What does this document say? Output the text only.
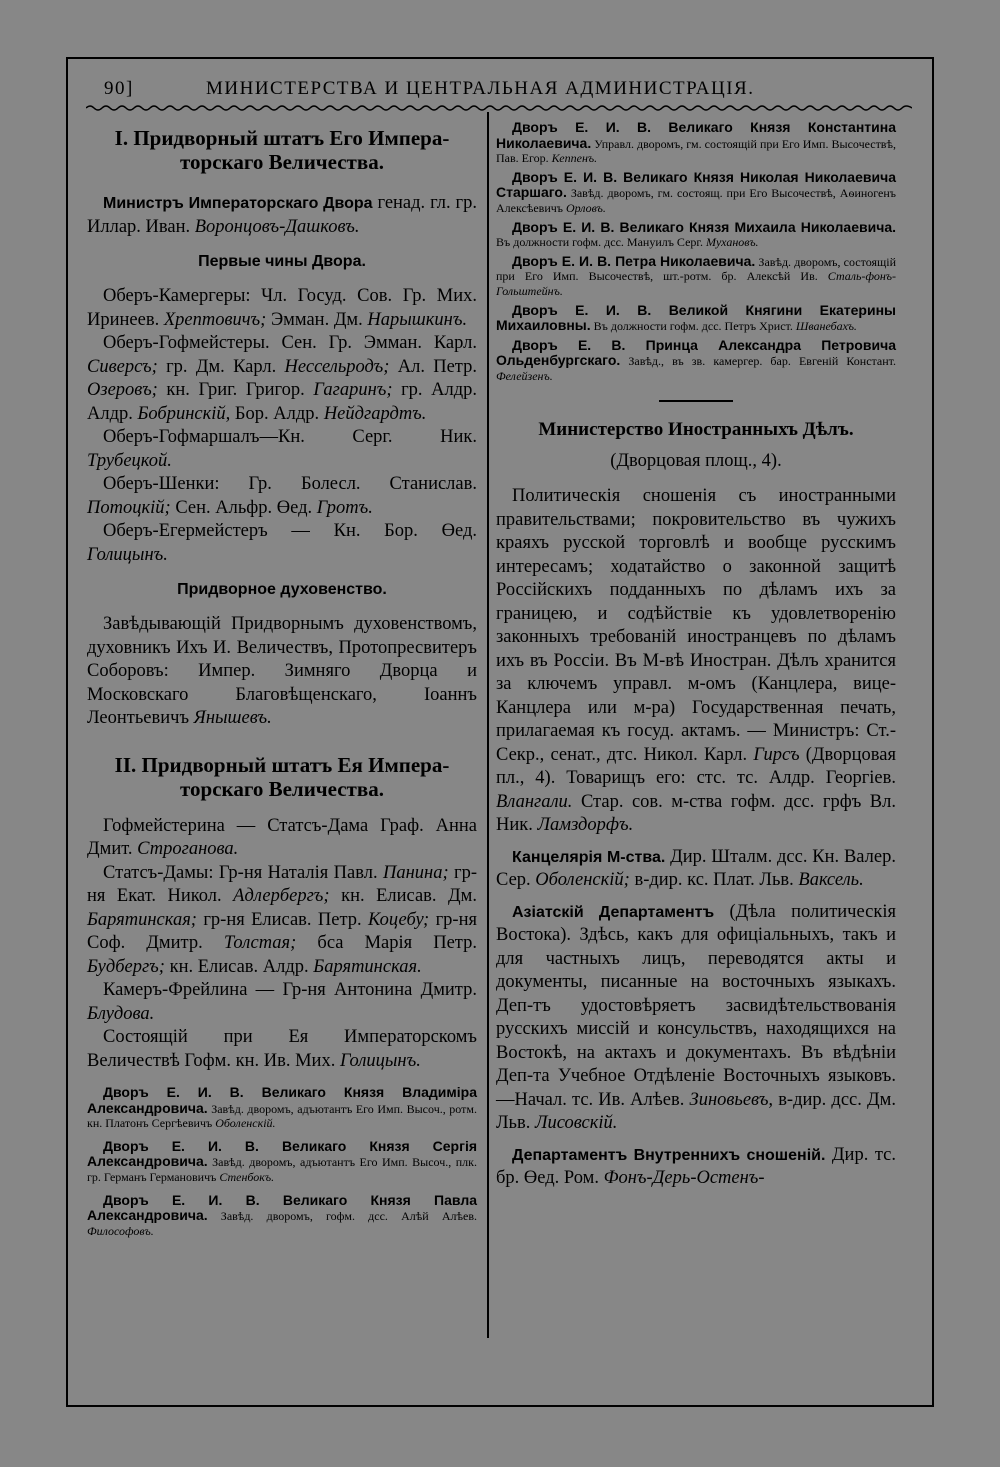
90]	МИНИСТЕРСТВА И ЦЕНТРАЛЬНАЯ АДМИНИСТРАЦІЯ.
I. Придворный штатъ Его Импера-
торскаго Величества.

Министръ Императорскаго Двора генад. гл. гр. Иллар. Иван. Воронцовъ-Дашковъ.

Первые чины Двора.

Оберъ-Камергеры: Чл. Госуд. Сов. Гр. Мих. Иринеев. Хрептовичъ; Эмман. Дм. Нарышкинъ.

Оберъ-Гофмейстеры. Сен. Гр. Эмман. Карл. Сиверсъ; гр. Дм. Карл. Нессельродъ; Ал. Петр. Озеровъ; кн. Григ. Григор. Гагаринъ; гр. Алдр. Алдр. Бобринскій, Бор. Алдр. Нейдгардтъ.

Оберъ-Гофмаршалъ—Кн. Серг. Ник. Трубецкой.

Оберъ-Шенки: Гр. Болесл. Станислав. Потоцкій; Сен. Альфр. Өед. Гротъ.

Оберъ-Егермейстеръ — Кн. Бор. Өед. Голицынъ.

Придворное духовенство.

Завѣдывающій Придворнымъ духовенствомъ, духовникъ Ихъ И. Величествъ, Протопресвитеръ Соборовъ: Импер. Зимняго Дворца и Московскаго Благовѣщенскаго, Іоаннъ Леонтьевичъ Янышевъ.

II. Придворный штатъ Ея Импера-
торскаго Величества.

Гофмейстерина — Статсъ-Дама Граф. Анна Дмит. Строганова.

Статсъ-Дамы: Гр-ня Наталія Павл. Панина; гр-ня Екат. Никол. Адлербергъ; кн. Елисав. Дм. Барятинская; гр-ня Елисав. Петр. Коцебу; гр-ня Соф. Дмитр. Толстая; бса Марія Петр. Будбергъ; кн. Елисав. Алдр. Барятинская.

Камеръ-Фрейлина — Гр-ня Антонина Дмитр. Блудова.

Состоящій при Ея Императорскомъ Величествѣ Гофм. кн. Ив. Мих. Голицынъ.

Дворъ Е. И. В. Великаго Князя Владиміра Александровича. Завѣд. дворомъ, адъютантъ Его Имп. Высоч., ротм. кн. Платонъ Сергѣевичъ Оболенскій.

Дворъ Е. И. В. Великаго Князя Сергія Александровича. Завѣд. дворомъ, адъютантъ Его Имп. Высоч., плк. гр. Германъ Германовичъ Стенбокъ.

Дворъ Е. И. В. Великаго Князя Павла Александровича. Завѣд. дворомъ, гофм. дсс. Алѣй Алѣев. Философовъ.

Дворъ Е. И. В. Великаго Князя Константина Николаевича. Управл. дворомъ, гм. состоящій при Его Имп. Высочествѣ, Пав. Егор. Кеппенъ.

Дворъ Е. И. В. Великаго Князя Николая Николаевича Старшаго. Завѣд. дворомъ, гм. состоящ. при Его Высочествѣ, Аѳиногенъ Алексѣевичъ Орловъ.

Дворъ Е. И. В. Великаго Князя Михаила Николаевича. Въ должности гофм. дсс. Мануилъ Серг. Мухановъ.

Дворъ Е. И. В. Петра Николаевича. Завѣд. дворомъ, состоящій при Его Имп. Высочествѣ, шт.-ротм. бр. Алексѣй Ив. Сталь-фонъ-Гольштейнъ.

Дворъ Е. И. В. Великой Княгини Екатерины Михаиловны. Въ должности гофм. дсс. Петръ Христ. Шванебахъ.

Дворъ Е. В. Принца Александра Петровича Ольденбургскаго. Завѣд., въ зв. камергер. бар. Евгеній Констант. Фелейзенъ.

Министерство Иностранныхъ Дѣлъ.

(Дворцовая площ., 4).

Политическія сношенія съ иностранными правительствами; покровительство въ чужихъ краяхъ русской торговлѣ и вообще русскимъ интересамъ; ходатайство о законной защитѣ Россійскихъ подданныхъ по дѣламъ ихъ за границею, и содѣйствіе къ удовлетворенію законныхъ требованій иностранцевъ по дѣламъ ихъ въ Россіи. Въ М-вѣ Иностран. Дѣлъ хранится за ключемъ управл. м-омъ (Канцлера, вице-Канцлера или м-ра) Государственная печать, прилагаемая къ госуд. актамъ. — Министръ: Ст.-Секр., сенат., дтс. Никол. Карл. Гирсъ (Дворцовая пл., 4). Товарищъ его: стс. тс. Алдр. Георгіев. Влангали. Стар. сов. м-ства гофм. дсс. грфъ Вл. Ник. Ламздорфъ.

Канцелярія М-ства. Дир. Шталм. дсс. Кн. Валер. Сер. Оболенскій; в-дир. кс. Плат. Льв. Ваксель.

Азіатскій Департаментъ (Дѣла политическія Востока). Здѣсь, какъ для офиціальныхъ, такъ и для частныхъ лицъ, переводятся акты и документы, писанные на восточныхъ языкахъ. Деп-тъ удостовѣряетъ засвидѣтельствованія русскихъ миссій и консульствъ, находящихся на Востокѣ, на актахъ и документахъ. Въ вѣдѣніи Деп-та Учебное Отдѣленіе Восточныхъ языковъ.—Начал. тс. Ив. Алѣев. Зиновьевъ, в-дир. дсс. Дм. Льв. Лисовскій.

Департаментъ Внутреннихъ сношеній. Дир. тс. бр. Өед. Ром. Фонъ-Дерь-Остенъ-
